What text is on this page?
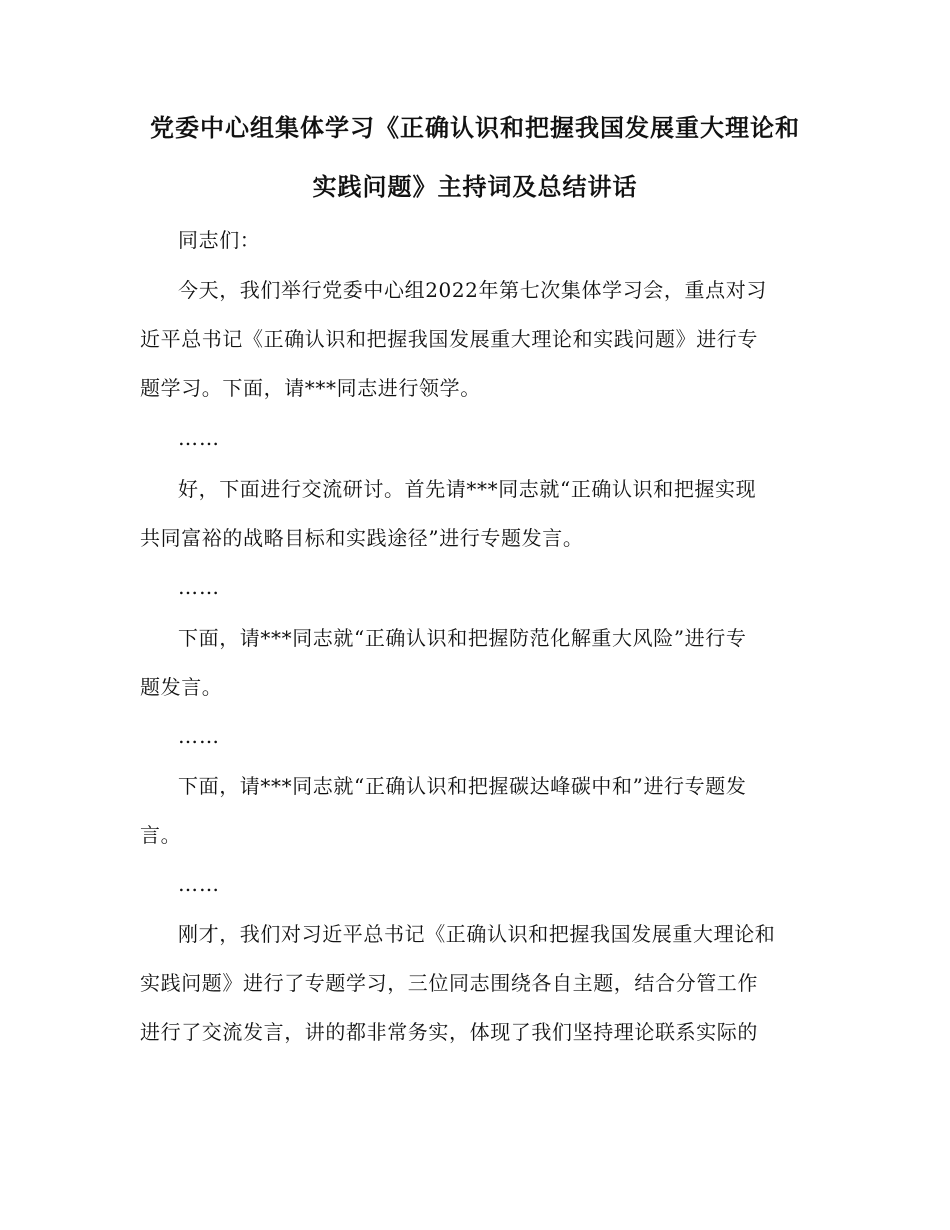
党委中心组集体学习《正确认识和把握我国发展重大理论和
实践问题》主持词及总结讲话
同志们：
今天，我们举行党委中心组2022年第七次集体学习会，重点对习
近平总书记《正确认识和把握我国发展重大理论和实践问题》进行专
题学习。下面，请***同志进行领学。
……
好，下面进行交流研讨。首先请***同志就“正确认识和把握实现
共同富裕的战略目标和实践途径”进行专题发言。
……
下面，请***同志就“正确认识和把握防范化解重大风险”进行专
题发言。
……
下面，请***同志就“正确认识和把握碳达峰碳中和”进行专题发
言。
……
刚才，我们对习近平总书记《正确认识和把握我国发展重大理论和
实践问题》进行了专题学习，三位同志围绕各自主题，结合分管工作
进行了交流发言，讲的都非常务实，体现了我们坚持理论联系实际的
